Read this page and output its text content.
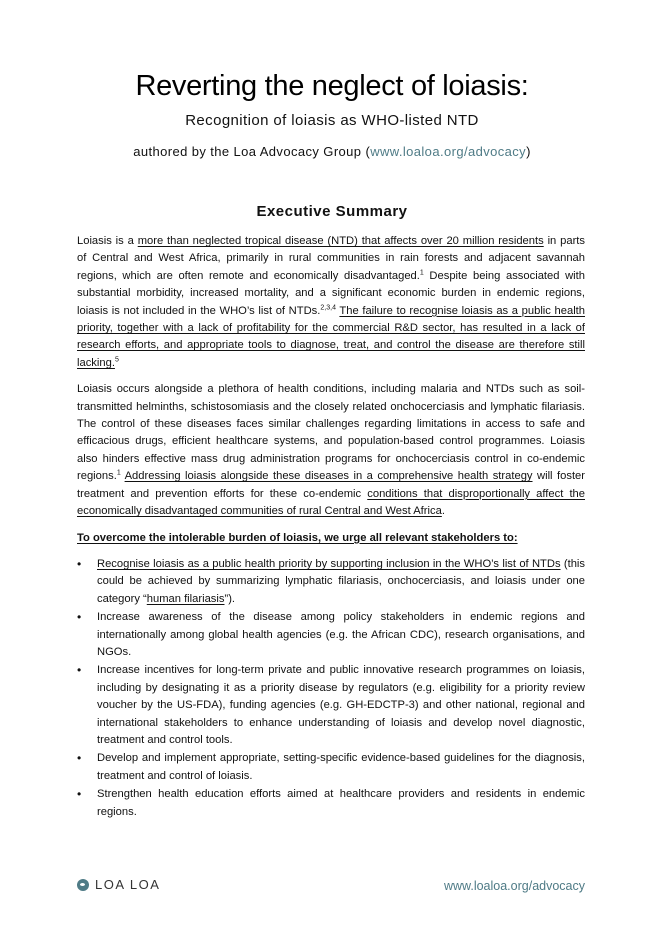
Reverting the neglect of loiasis:

Recognition of loiasis as WHO-listed NTD

authored by the Loa Advocacy Group (www.loaloa.org/advocacy)

Executive Summary

Loiasis is a more than neglected tropical disease (NTD) that affects over 20 million residents in parts of Central and West Africa, primarily in rural communities in rain forests and adjacent savannah regions, which are often remote and economically disadvantaged.$^1$ Despite being associated with substantial morbidity, increased mortality, and a significant economic burden in endemic regions, loiasis is not included in the WHO’s list of NTDs.$^{2,3,4}$ The failure to recognise loiasis as a public health priority, together with a lack of profitability for the commercial R&D sector, has resulted in a lack of research efforts, and appropriate tools to diagnose, treat, and control the disease are therefore still lacking.$^5$

Loiasis occurs alongside a plethora of health conditions, including malaria and NTDs such as soil-transmitted helminths, schistosomiasis and the closely related onchocerciasis and lymphatic filariasis. The control of these diseases faces similar challenges regarding limitations in access to safe and efficacious drugs, efficient healthcare systems, and population-based control programmes. Loiasis also hinders effective mass drug administration programs for onchocerciasis control in co-endemic regions.$^1$ Addressing loiasis alongside these diseases in a comprehensive health strategy will foster treatment and prevention efforts for these co-endemic conditions that disproportionally affect the economically disadvantaged communities of rural Central and West Africa.

To overcome the intolerable burden of loiasis, we urge all relevant stakeholders to:

• Recognise loiasis as a public health priority by supporting inclusion in the WHO’s list of NTDs (this could be achieved by summarizing lymphatic filariasis, onchocerciasis, and loiasis under one category “human filariasis”).
• Increase awareness of the disease among policy stakeholders in endemic regions and internationally among global health agencies (e.g. the African CDC), research organisations, and NGOs.
• Increase incentives for long-term private and public innovative research programmes on loiasis, including by designating it as a priority disease by regulators (e.g. eligibility for a priority review voucher by the US-FDA), funding agencies (e.g. GH-EDCTP-3) and other national, regional and international stakeholders to enhance understanding of loiasis and develop novel diagnostic, treatment and control tools.
• Develop and implement appropriate, setting-specific evidence-based guidelines for the diagnosis, treatment and control of loiasis.
• Strengthen health education efforts aimed at healthcare providers and residents in endemic regions.
LOA LOA	www.loaloa.org/advocacy
